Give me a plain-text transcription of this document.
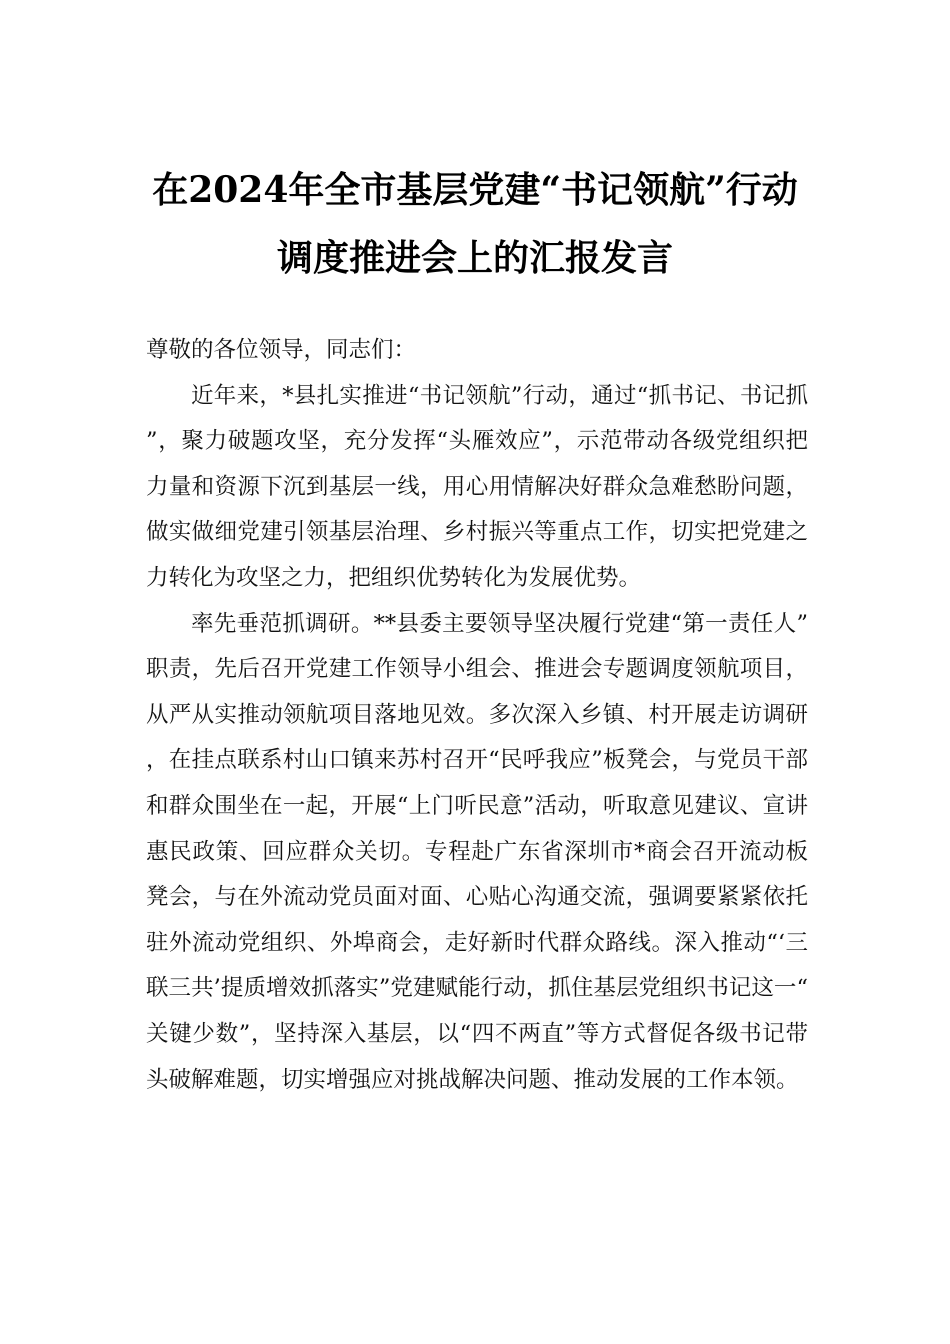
在2024年全市基层党建“书记领航”行动
调度推进会上的汇报发言

尊敬的各位领导，同志们：

近年来，*县扎实推进“书记领航”行动，通过“抓书记、书记抓”，聚力破题攻坚，充分发挥“头雁效应”，示范带动各级党组织把力量和资源下沉到基层一线，用心用情解决好群众急难愁盼问题，做实做细党建引领基层治理、乡村振兴等重点工作，切实把党建之力转化为攻坚之力，把组织优势转化为发展优势。

率先垂范抓调研。**县委主要领导坚决履行党建“第一责任人”职责，先后召开党建工作领导小组会、推进会专题调度领航项目，从严从实推动领航项目落地见效。多次深入乡镇、村开展走访调研，在挂点联系村山口镇来苏村召开“民呼我应”板凳会，与党员干部和群众围坐在一起，开展“上门听民意”活动，听取意见建议、宣讲惠民政策、回应群众关切。专程赴广东省深圳市*商会召开流动板凳会，与在外流动党员面对面、心贴心沟通交流，强调要紧紧依托驻外流动党组织、外埠商会，走好新时代群众路线。深入推动“‘三联三共’提质增效抓落实”党建赋能行动，抓住基层党组织书记这一“关键少数”，坚持深入基层，以“四不两直”等方式督促各级书记带头破解难题，切实增强应对挑战解决问题、推动发展的工作本领。
